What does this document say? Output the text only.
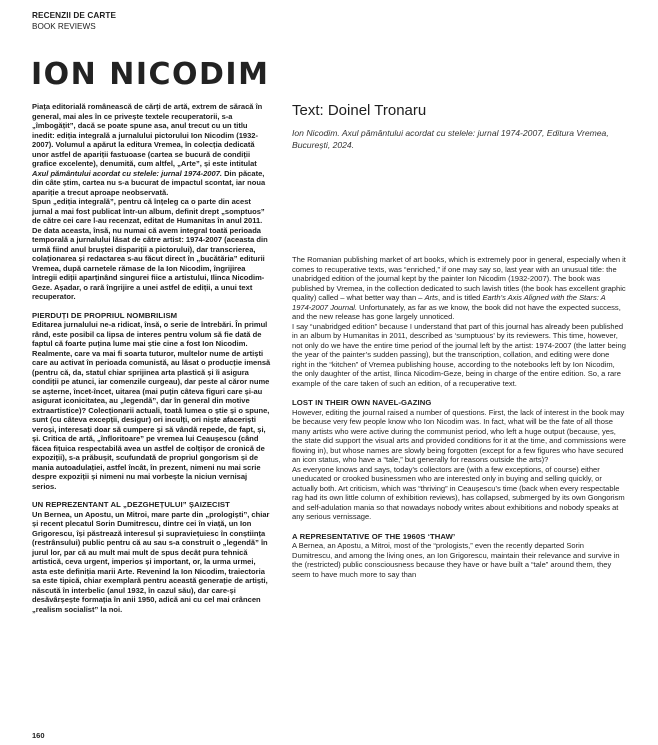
RECENZII DE CARTE
BOOK REVIEWS
ION NICODIM

Piața editorială românească de cărți de artă, extrem de săracă în general, mai ales în ce privește textele recuperatorii, s-a „îmbogățit”, dacă se poate spune asa, anul trecut cu un titlu inedit: ediția integrală a jurnalului pictorului Ion Nicodim (1932-2007). Volumul a apărut la editura Vremea, în colecția dedicată unor astfel de apariții fastuoase (cartea se bucură de condiții grafice excelente), denumită, cum altfel, „Arte”, și este intitulat Axul pământului acordat cu stelele: jurnal 1974-2007. Din păcate, din câte știm, cartea nu s-a bucurat de impactul scontat, iar noua apariție a trecut aproape neobservată.

Spun „ediția integrală”, pentru că înțeleg ca o parte din acest jurnal a mai fost publicat într-un album, definit drept „somptuos” de către cei care l-au recenzat, editat de Humanitas în anul 2011. De data aceasta, însă, nu numai că avem integral toată perioada temporală a jurnalului lăsat de către artist: 1974-2007 (aceasta din urmă fiind anul bruștei dispariții a pictorului), dar transcrierea, colaționarea și redactarea s-au făcut direct în „bucătăria” editurii Vremea, după carnetele rămase de la Ion Nicodim, îngrijirea întregii ediții aparținând singurei fiice a artistului, Ilinca Nicodim-Geze. Așadar, o rară îngrijire a unei astfel de ediții, a unui text recuperator.

PIERDUȚI DE PROPRIUL NOMBRILISM

Editarea jurnalului ne-a ridicat, însă, o serie de întrebări. În primul rând, este posibil ca lipsa de interes pentru volum să fie dată de faptul că foarte puțina lume mai știe cine a fost Ion Nicodim. Realmente, care va mai fi soarta tuturor, multelor nume de artiști care au activat în perioada comunistă, au lăsat o producție imensă (pentru că, da, statul chiar sprijinea arta plastică și îi asigura condiții pe atunci, iar comenzile curgeau), dar peste al căror nume se așterne, încet-încet, uitarea (mai puțin câteva figuri care și-au asigurat iconicitatea, au „legendă”, dar în general din motive extraartistice)? Colecționarii actuali, toată lumea o știe și o spune, sunt (cu câteva excepții, desigur) ori inculți, ori niște afaceriști veroși, interesați doar să cumpere și să vândă repede, de fapt, și, și. Critica de artă, „înfloritoare” pe vremea lui Ceaușescu (când făcea fițuica respectabilă avea un astfel de colțișor de cronică de expoziții), s-a prăbușit, scufundată de propriul gongorism și de mania autoadulației, astfel încât, în prezent, nimeni nu mai scrie despre expoziții și nimeni nu mai vorbește la niciun vernisaj serios.

UN REPREZENTANT AL „DEZGHEȚULUI” ȘAIZECIST

Un Bernea, un Apostu, un Mitroi, mare parte din „prologiști”, chiar și recent plecatul Sorin Dumitrescu, dintre cei în viață, un Ion Grigorescu, își păstrează interesul și supraviețuiesc în conștiința (restrânsului) public pentru că au sau s-a construit o „legendă” în jurul lor, par că au mult mai mult de spus decât pura tehnică artistică, ceva urgent, imperios și important, or, la urma urmei, asta este definiția marii Arte. Revenind la Ion Nicodim, traiectoria sa este tipică, chiar exemplară pentru această generație de artiști, născută în interbelic (anul 1932, în cazul său), dar care-și desăvârșește formația în anii 1950, adică ani cu cel mai crâncen „realism socialist” la noi.

Text: Doinel Tronaru
Ion Nicodim. Axul pământului acordat cu stelele: jurnal 1974-2007, Editura Vremea, București, 2024.

The Romanian publishing market of art books, which is extremely poor in general, especially when it comes to recuperative texts, was “enriched,” if one may say so, last year with an unusual title: the unabridged edition of the journal kept by the painter Ion Nicodim (1932-2007). The book was published by Vremea, in the collection dedicated to such lavish titles (the book has excellent graphic quality) called – what better way than – Arts, and is titled Earth’s Axis Aligned with the Stars: A 1974-2007 Journal. Unfortunately, as far as we know, the book did not have the expected success, and the new release has gone largely unnoticed.

I say “unabridged edition” because I understand that part of this journal has already been published in an album by Humanitas in 2011, described as ‘sumptuous’ by its reviewers. This time, however, not only do we have the entire time period of the journal left by the artist: 1974-2007 (the latter being the year of the painter’s sudden passing), but the transcription, collation, and editing were done right in the “kitchen” of Vremea publishing house, according to the notebooks left by Ion Nicodim, the only daughter of the artist, Ilinca Nicodim-Geze, being in charge of the entire edition. So, a rare example of the care taken of such an edition, of a recuperative text.

LOST IN THEIR OWN NAVEL-GAZING

However, editing the journal raised a number of questions. First, the lack of interest in the book may be because very few people know who Ion Nicodim was. In fact, what will be the fate of all those many artists who were active during the communist period, who left a huge output (because, yes, the state did support the visual arts and provided conditions for it at the time, and commissions were flowing in), but whose names are slowly being forgotten (except for a few figures who have secured an icon status, who have a “tale,” but generally for reasons outside the arts)?

As everyone knows and says, today’s collectors are (with a few exceptions, of course) either uneducated or crooked businessmen who are interested only in buying and selling quickly, or actually both. Art criticism, which was “thriving” in Ceaușescu’s time (back when every respectable rag had its own little column of exhibition reviews), has collapsed, submerged by its own Gongorism and self-adulation mania so that nowadays nobody writes about exhibitions and nobody speaks at any serious vernissage.

A REPRESENTATIVE OF THE 1960S ‘THAW’

A Bernea, an Apostu, a Mitroi, most of the “prologists,” even the recently departed Sorin Dumitrescu, and among the living ones, an Ion Grigorescu, maintain their relevance and survive in the (restricted) public consciousness because they have or have built a “tale” around them, they seem to have much more to say than

160
